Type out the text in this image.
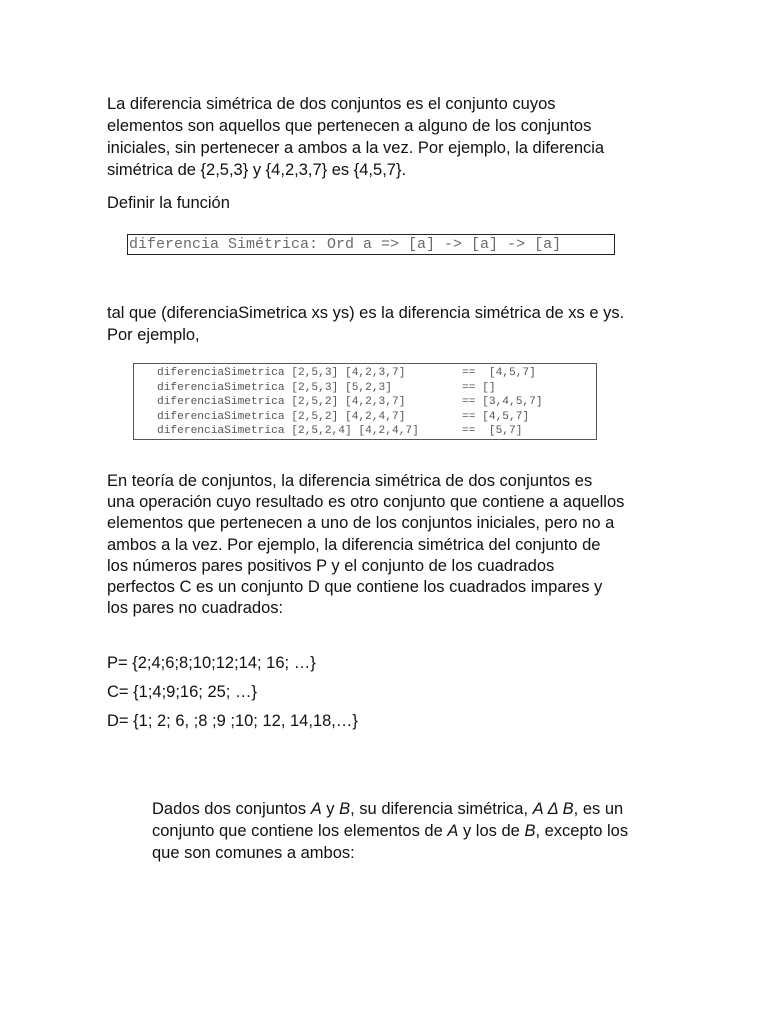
La diferencia simétrica de dos conjuntos es el conjunto cuyos
elementos son aquellos que pertenecen a alguno de los conjuntos
iniciales, sin pertenecer a ambos a la vez. Por ejemplo, la diferencia
simétrica de {2,5,3} y {4,2,3,7} es {4,5,7}.
Definir la función
diferencia Simétrica: Ord a => [a] -> [a] -> [a]
tal que (diferenciaSimetrica xs ys) es la diferencia simétrica de xs e ys.
Por ejemplo,
diferenciaSimetrica [2,5,3] [4,2,3,7]	==  [4,5,7]
diferenciaSimetrica [2,5,3] [5,2,3]	== []
diferenciaSimetrica [2,5,2] [4,2,3,7]	== [3,4,5,7]
diferenciaSimetrica [2,5,2] [4,2,4,7]	== [4,5,7]
diferenciaSimetrica [2,5,2,4] [4,2,4,7]	==  [5,7]
En teoría de conjuntos, la diferencia simétrica de dos conjuntos es
una operación cuyo resultado es otro conjunto que contiene a aquellos
elementos que pertenecen a uno de los conjuntos iniciales, pero no a
ambos a la vez. Por ejemplo, la diferencia simétrica del conjunto de
los números pares positivos P y el conjunto de los cuadrados
perfectos C es un conjunto D que contiene los cuadrados impares y
los pares no cuadrados:
P= {2;4;6;8;10;12;14; 16; …}
C= {1;4;9;16; 25; …}
D= {1; 2; 6, ;8 ;9 ;10; 12, 14,18,…}
Dados dos conjuntos A y B, su diferencia simétrica, A Δ B, es un
conjunto que contiene los elementos de A y los de B, excepto los
que son comunes a ambos:
